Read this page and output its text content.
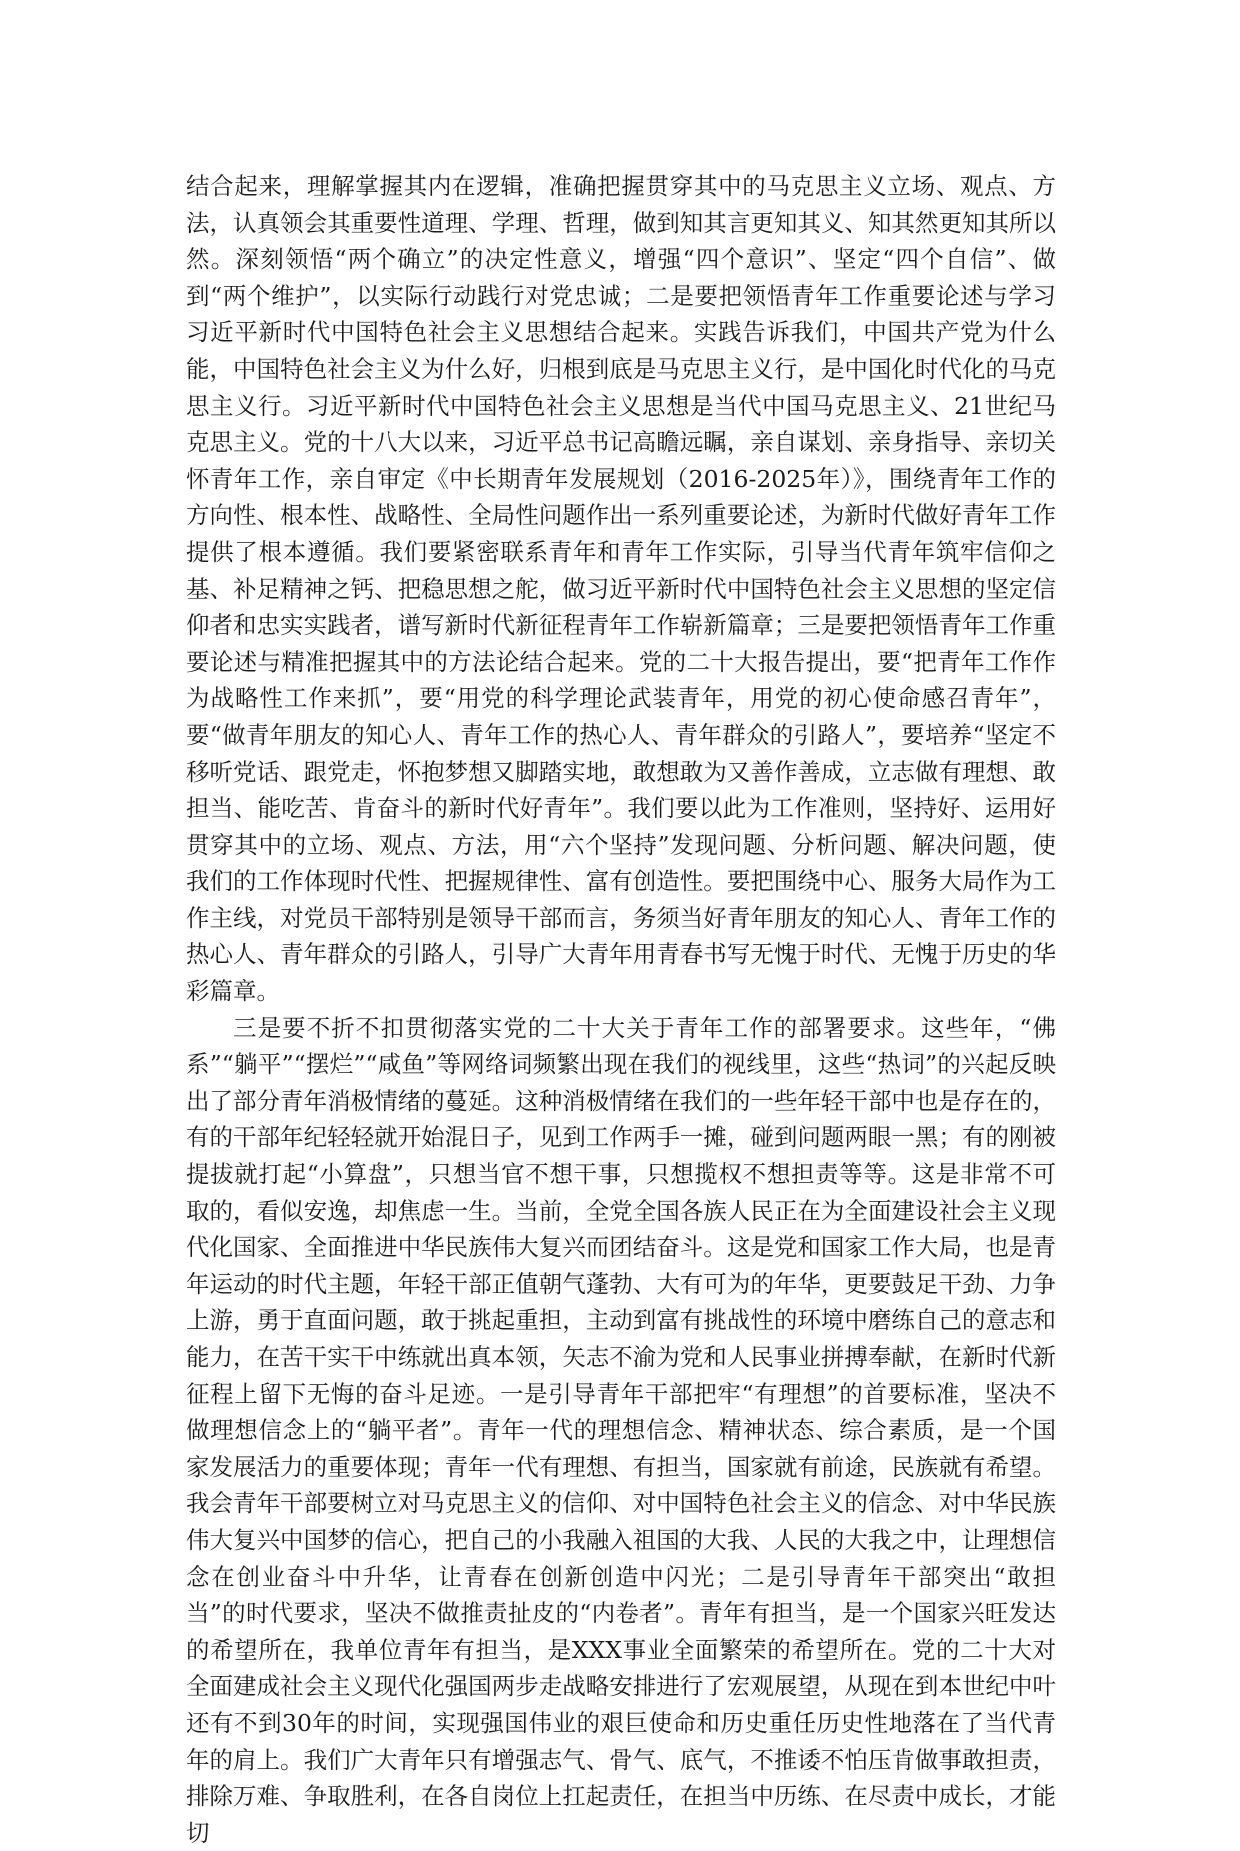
结合起来，理解掌握其内在逻辑，准确把握贯穿其中的马克思主义立场、观点、方法，认真领会其重要性道理、学理、哲理，做到知其言更知其义、知其然更知其所以然。深刻领悟“两个确立”的决定性意义，增强“四个意识”、坚定“四个自信”、做到“两个维护”，以实际行动践行对党忠诚；二是要把领悟青年工作重要论述与学习习近平新时代中国特色社会主义思想结合起来。实践告诉我们，中国共产党为什么能，中国特色社会主义为什么好，归根到底是马克思主义行，是中国化时代化的马克思主义行。习近平新时代中国特色社会主义思想是当代中国马克思主义、21世纪马克思主义。党的十八大以来，习近平总书记高瞻远瞩，亲自谋划、亲身指导、亲切关怀青年工作，亲自审定《中长期青年发展规划（2016-2025年）》，围绕青年工作的方向性、根本性、战略性、全局性问题作出一系列重要论述，为新时代做好青年工作提供了根本遵循。我们要紧密联系青年和青年工作实际，引导当代青年筑牢信仰之基、补足精神之钙、把稳思想之舵，做习近平新时代中国特色社会主义思想的坚定信仰者和忠实实践者，谱写新时代新征程青年工作崭新篇章；三是要把领悟青年工作重要论述与精准把握其中的方法论结合起来。党的二十大报告提出，要“把青年工作作为战略性工作来抓”，要“用党的科学理论武装青年，用党的初心使命感召青年”，要“做青年朋友的知心人、青年工作的热心人、青年群众的引路人”，要培养“坚定不移听党话、跟党走，怀抱梦想又脚踏实地，敢想敢为又善作善成，立志做有理想、敢担当、能吃苦、肯奋斗的新时代好青年”。我们要以此为工作准则，坚持好、运用好贯穿其中的立场、观点、方法，用“六个坚持”发现问题、分析问题、解决问题，使我们的工作体现时代性、把握规律性、富有创造性。要把围绕中心、服务大局作为工作主线，对党员干部特别是领导干部而言，务须当好青年朋友的知心人、青年工作的热心人、青年群众的引路人，引导广大青年用青春书写无愧于时代、无愧于历史的华彩篇章。

三是要不折不扣贯彻落实党的二十大关于青年工作的部署要求。这些年，“佛系”“躺平”“摆烂”“咸鱼”等网络词频繁出现在我们的视线里，这些“热词”的兴起反映出了部分青年消极情绪的蔓延。这种消极情绪在我们的一些年轻干部中也是存在的，有的干部年纪轻轻就开始混日子，见到工作两手一摊，碰到问题两眼一黑；有的刚被提拔就打起“小算盘”，只想当官不想干事，只想揽权不想担责等等。这是非常不可取的，看似安逸，却焦虑一生。当前，全党全国各族人民正在为全面建设社会主义现代化国家、全面推进中华民族伟大复兴而团结奋斗。这是党和国家工作大局，也是青年运动的时代主题，年轻干部正值朝气蓬勃、大有可为的年华，更要鼓足干劲、力争上游，勇于直面问题，敢于挑起重担，主动到富有挑战性的环境中磨练自己的意志和能力，在苦干实干中练就出真本领，矢志不渝为党和人民事业拼搏奉献，在新时代新征程上留下无悔的奋斗足迹。一是引导青年干部把牢“有理想”的首要标准，坚决不做理想信念上的“躺平者”。青年一代的理想信念、精神状态、综合素质，是一个国家发展活力的重要体现；青年一代有理想、有担当，国家就有前途，民族就有希望。我会青年干部要树立对马克思主义的信仰、对中国特色社会主义的信念、对中华民族伟大复兴中国梦的信心，把自己的小我融入祖国的大我、人民的大我之中，让理想信念在创业奋斗中升华，让青春在创新创造中闪光；二是引导青年干部突出“敢担当”的时代要求，坚决不做推责扯皮的“内卷者”。青年有担当，是一个国家兴旺发达的希望所在，我单位青年有担当，是XXX事业全面繁荣的希望所在。党的二十大对全面建成社会主义现代化强国两步走战略安排进行了宏观展望，从现在到本世纪中叶还有不到30年的时间，实现强国伟业的艰巨使命和历史重任历史性地落在了当代青年的肩上。我们广大青年只有增强志气、骨气、底气，不推诿不怕压肯做事敢担责，排除万难、争取胜利，在各自岗位上扛起责任，在担当中历练、在尽责中成长，才能切
